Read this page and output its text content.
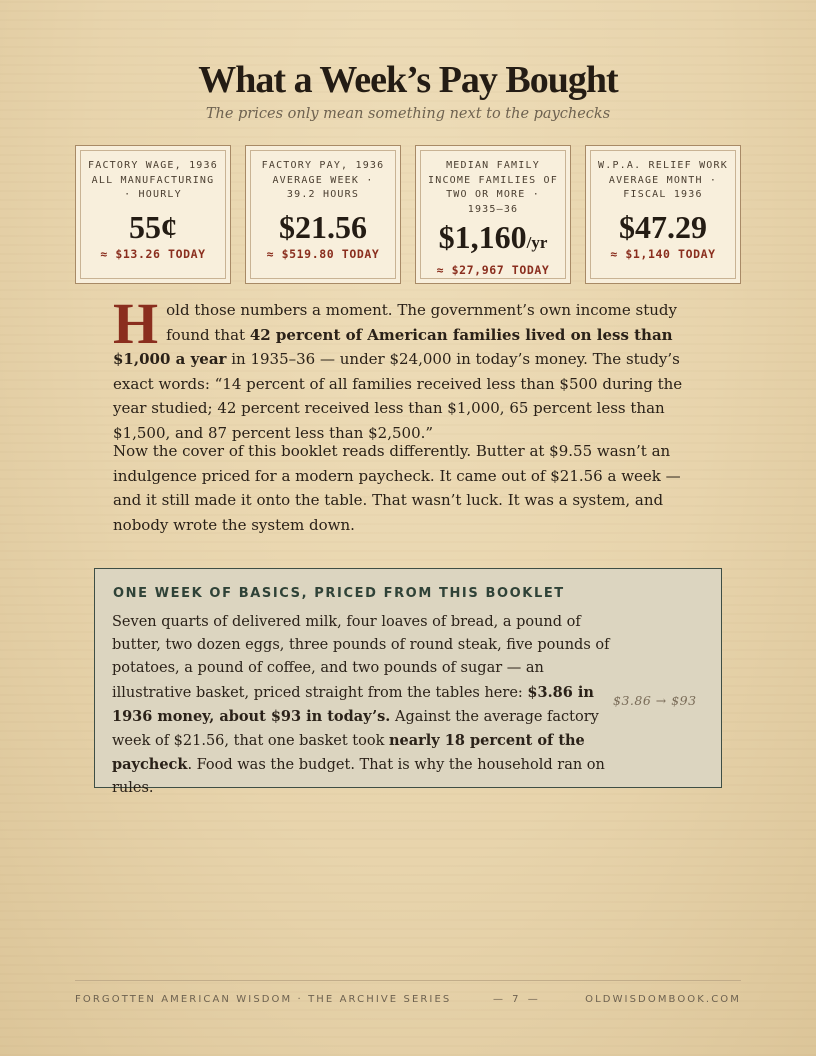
What a Week’s Pay Bought
The prices only mean something next to the paychecks
FACTORY WAGE, 1936 ALL MANUFACTURING · HOURLY
55¢
≈ $13.26 TODAY
FACTORY PAY, 1936 AVERAGE WEEK · 39.2 HOURS
$21.56
≈ $519.80 TODAY
MEDIAN FAMILY INCOME FAMILIES OF TWO OR MORE · 1935–36
$1,160/yr
≈ $27,967 TODAY
W.P.A. RELIEF WORK AVERAGE MONTH · FISCAL 1936
$47.29
≈ $1,140 TODAY
Hold those numbers a moment. The government’s own income study found that 42 percent of American families lived on less than $1,000 a year in 1935–36 — under $24,000 in today’s money. The study’s exact words: “14 percent of all families received less than $500 during the year studied; 42 percent received less than $1,000, 65 percent less than $1,500, and 87 percent less than $2,500.”
Now the cover of this booklet reads differently. Butter at $9.55 wasn’t an indulgence priced for a modern paycheck. It came out of $21.56 a week — and it still made it onto the table. That wasn’t luck. It was a system, and nobody wrote the system down.
ONE WEEK OF BASICS, PRICED FROM THIS BOOKLET
Seven quarts of delivered milk, four loaves of bread, a pound of butter, two dozen eggs, three pounds of round steak, five pounds of potatoes, a pound of coffee, and two pounds of sugar — an illustrative basket, priced straight from the tables here: $3.86 in 1936 money, about $93 in today’s. Against the average factory week of $21.56, that one basket took nearly 18 percent of the paycheck. Food was the budget. That is why the household ran on rules.
$3.86 → $93
FORGOTTEN AMERICAN WISDOM · THE ARCHIVE SERIES	— 7 —	OLDWISDOMBOOK.COM
